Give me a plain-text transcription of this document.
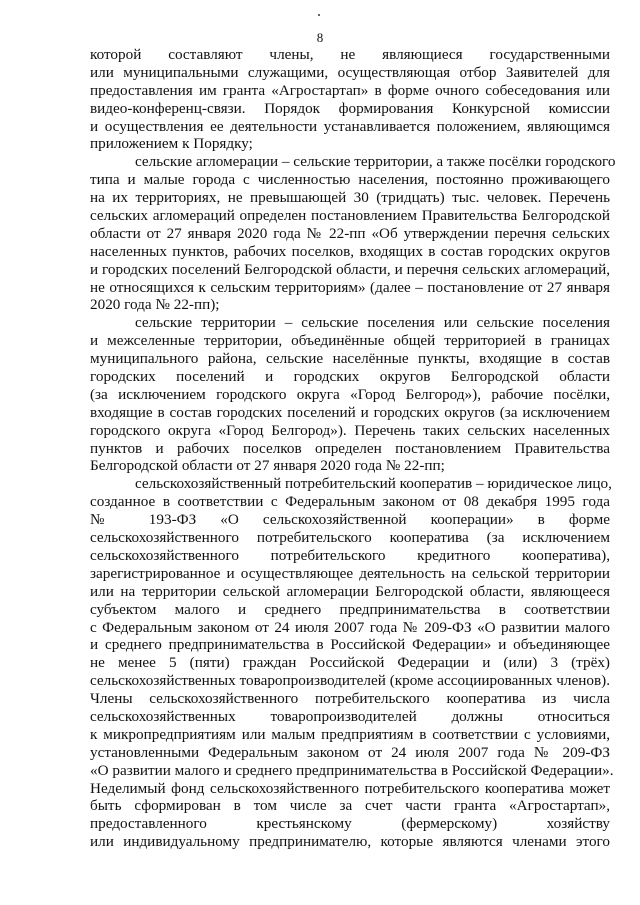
8
которой составляют члены, не являющиеся государственными
или муниципальными служащими, осуществляющая отбор Заявителей для
предоставления им гранта «Агростартап» в форме очного собеседования или
видео-конференц-связи. Порядок формирования Конкурсной комиссии
и осуществления ее деятельности устанавливается положением, являющимся
приложением к Порядку;
сельские агломерации – сельские территории, а также посёлки городского
типа и малые города с численностью населения, постоянно проживающего
на их территориях, не превышающей 30 (тридцать) тыс. человек. Перечень
сельских агломераций определен постановлением Правительства Белгородской
области от 27 января 2020 года № 22-пп «Об утверждении перечня сельских
населенных пунктов, рабочих поселков, входящих в состав городских округов
и городских поселений Белгородской области, и перечня сельских агломераций,
не относящихся к сельским территориям» (далее – постановление от 27 января
2020 года № 22-пп);
сельские территории – сельские поселения или сельские поселения
и межселенные территории, объединённые общей территорией в границах
муниципального района, сельские населённые пункты, входящие в состав
городских поселений и городских округов Белгородской области
(за исключением городского округа «Город Белгород»), рабочие посёлки,
входящие в состав городских поселений и городских округов (за исключением
городского округа «Город Белгород»). Перечень таких сельских населенных
пунктов и рабочих поселков определен постановлением Правительства
Белгородской области от 27 января 2020 года № 22-пп;
сельскохозяйственный потребительский кооператив – юридическое лицо,
созданное в соответствии с Федеральным законом от 08 декабря 1995 года
№ 193-ФЗ «О сельскохозяйственной кооперации» в форме
сельскохозяйственного потребительского кооператива (за исключением
сельскохозяйственного потребительского кредитного кооператива),
зарегистрированное и осуществляющее деятельность на сельской территории
или на территории сельской агломерации Белгородской области, являющееся
субъектом малого и среднего предпринимательства в соответствии
с Федеральным законом от 24 июля 2007 года № 209-ФЗ «О развитии малого
и среднего предпринимательства в Российской Федерации» и объединяющее
не менее 5 (пяти) граждан Российской Федерации и (или) 3 (трёх)
сельскохозяйственных товаропроизводителей (кроме ассоциированных членов).
Члены сельскохозяйственного потребительского кооператива из числа
сельскохозяйственных товаропроизводителей должны относиться
к микропредприятиям или малым предприятиям в соответствии с условиями,
установленными Федеральным законом от 24 июля 2007 года № 209-ФЗ
«О развитии малого и среднего предпринимательства в Российской Федерации».
Неделимый фонд сельскохозяйственного потребительского кооператива может
быть сформирован в том числе за счет части гранта «Агростартап»,
предоставленного крестьянскому (фермерскому) хозяйству
или индивидуальному предпринимателю, которые являются членами этого
